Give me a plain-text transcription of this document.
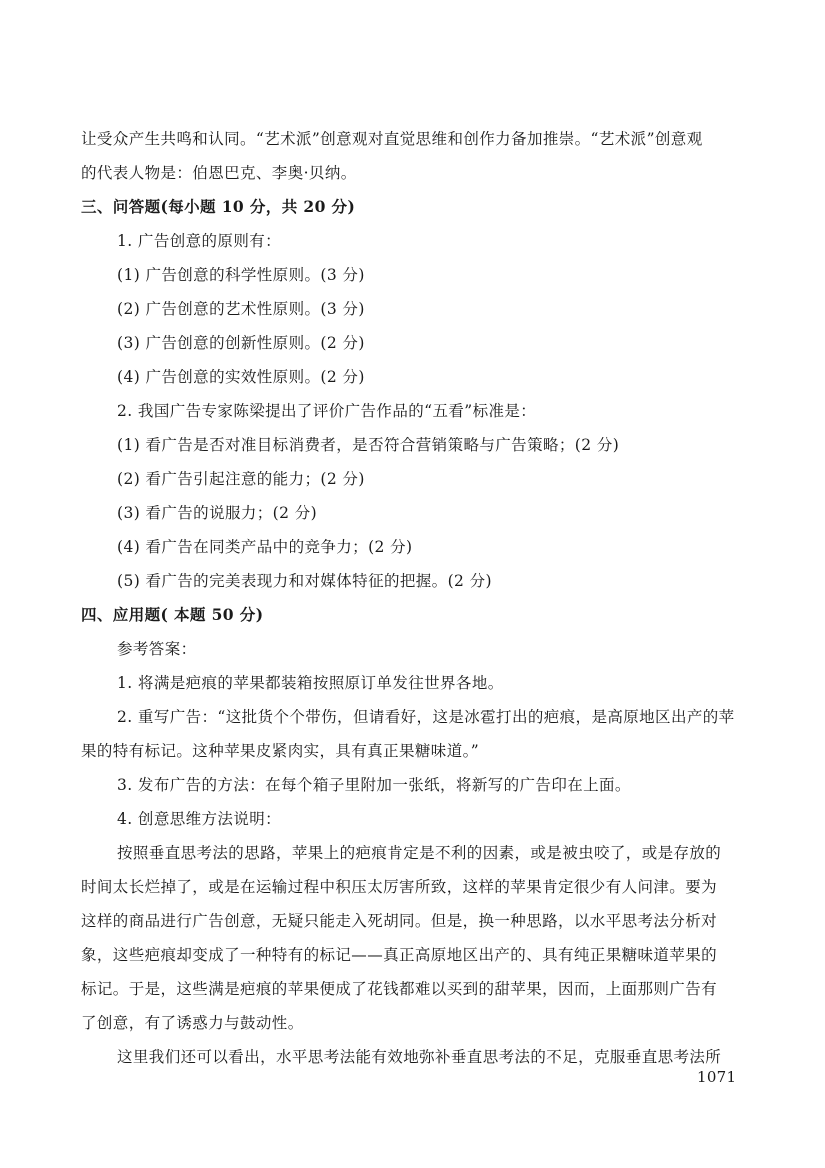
让受众产生共鸣和认同。“艺术派”创意观对直觉思维和创作力备加推崇。“艺术派”创意观
的代表人物是：伯恩巴克、李奥·贝纳。
三、问答题(每小题 10 分，共 20 分)
1. 广告创意的原则有：
(1) 广告创意的科学性原则。(3 分)
(2) 广告创意的艺术性原则。(3 分)
(3) 广告创意的创新性原则。(2 分)
(4) 广告创意的实效性原则。(2 分)
2. 我国广告专家陈梁提出了评价广告作品的“五看”标准是：
(1) 看广告是否对准目标消费者，是否符合营销策略与广告策略；(2 分)
(2) 看广告引起注意的能力；(2 分)
(3) 看广告的说服力；(2 分)
(4) 看广告在同类产品中的竞争力；(2 分)
(5) 看广告的完美表现力和对媒体特征的把握。(2 分)
四、应用题( 本题 50 分)
参考答案：
1. 将满是疤痕的苹果都装箱按照原订单发往世界各地。
2. 重写广告：“这批货个个带伤，但请看好，这是冰雹打出的疤痕，是高原地区出产的苹
果的特有标记。这种苹果皮紧肉实，具有真正果糖味道。”
3. 发布广告的方法：在每个箱子里附加一张纸，将新写的广告印在上面。
4. 创意思维方法说明：
按照垂直思考法的思路，苹果上的疤痕肯定是不利的因素，或是被虫咬了，或是存放的
时间太长烂掉了，或是在运输过程中积压太厉害所致，这样的苹果肯定很少有人问津。要为
这样的商品进行广告创意，无疑只能走入死胡同。但是，换一种思路，以水平思考法分析对
象，这些疤痕却变成了一种特有的标记——真正高原地区出产的、具有纯正果糖味道苹果的
标记。于是，这些满是疤痕的苹果便成了花钱都难以买到的甜苹果，因而，上面那则广告有
了创意，有了诱惑力与鼓动性。
这里我们还可以看出，水平思考法能有效地弥补垂直思考法的不足，克服垂直思考法所
1071
